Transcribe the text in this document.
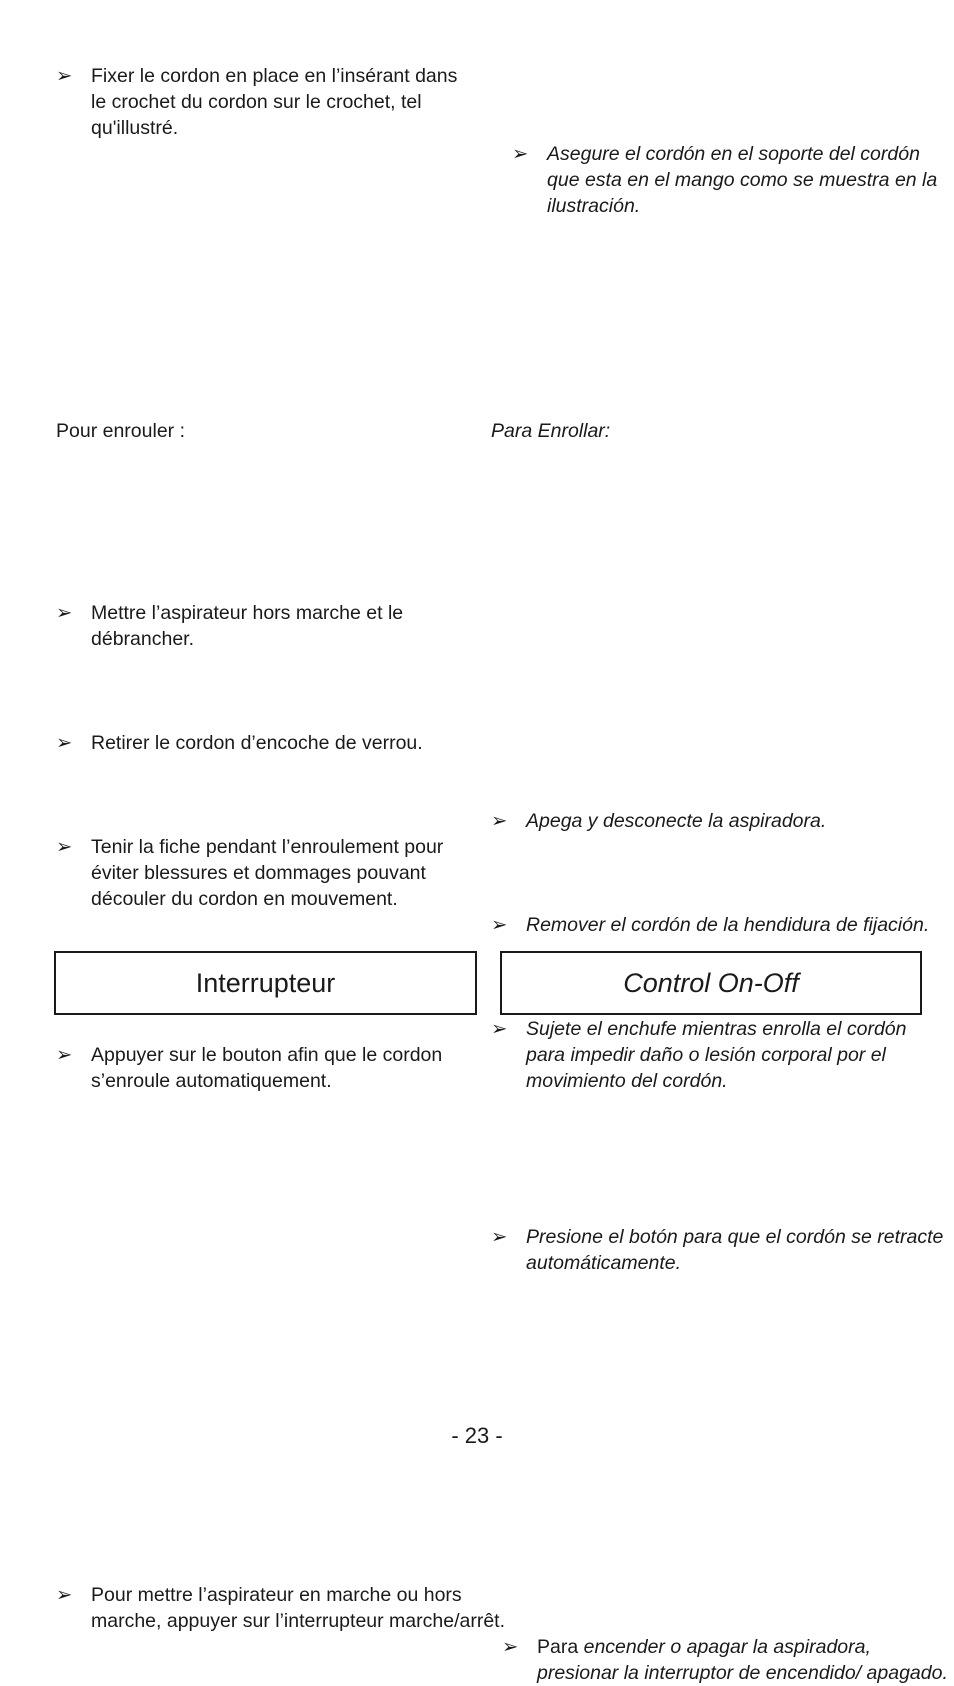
➢ Fixer le cordon en place en l’insérant dans le crochet du cordon sur le crochet, tel qu'illustré.
➢ Asegure el cordón en el soporte del cordón que esta en el mango como se muestra en la ilustración.
Pour enrouler :
➢ Mettre l’aspirateur hors marche et le débrancher.
➢ Retirer le cordon d’encoche de verrou.
➢ Tenir la fiche pendant l’enroulement pour éviter blessures et dommages pouvant découler du cordon en mouvement.
➢ Appuyer sur le bouton afin que le cordon s’enroule automatiquement.
Para Enrollar:
➢ Apega y desconecte la aspiradora.
➢ Remover el cordón de la hendidura de fijación.
➢ Sujete el enchufe mientras enrolla el cordón para impedir daño o lesión corporal por el movimiento del cordón.
➢ Presione el botón para que el cordón se retracte automáticamente.
Interrupteur	Control On-Off
➢ Pour mettre l’aspirateur en marche ou hors marche, appuyer sur l’interrupteur marche/arrêt.
➢ Para encender o apagar la aspiradora, presionar la interruptor de encendido/ apagado.
- 23 -
